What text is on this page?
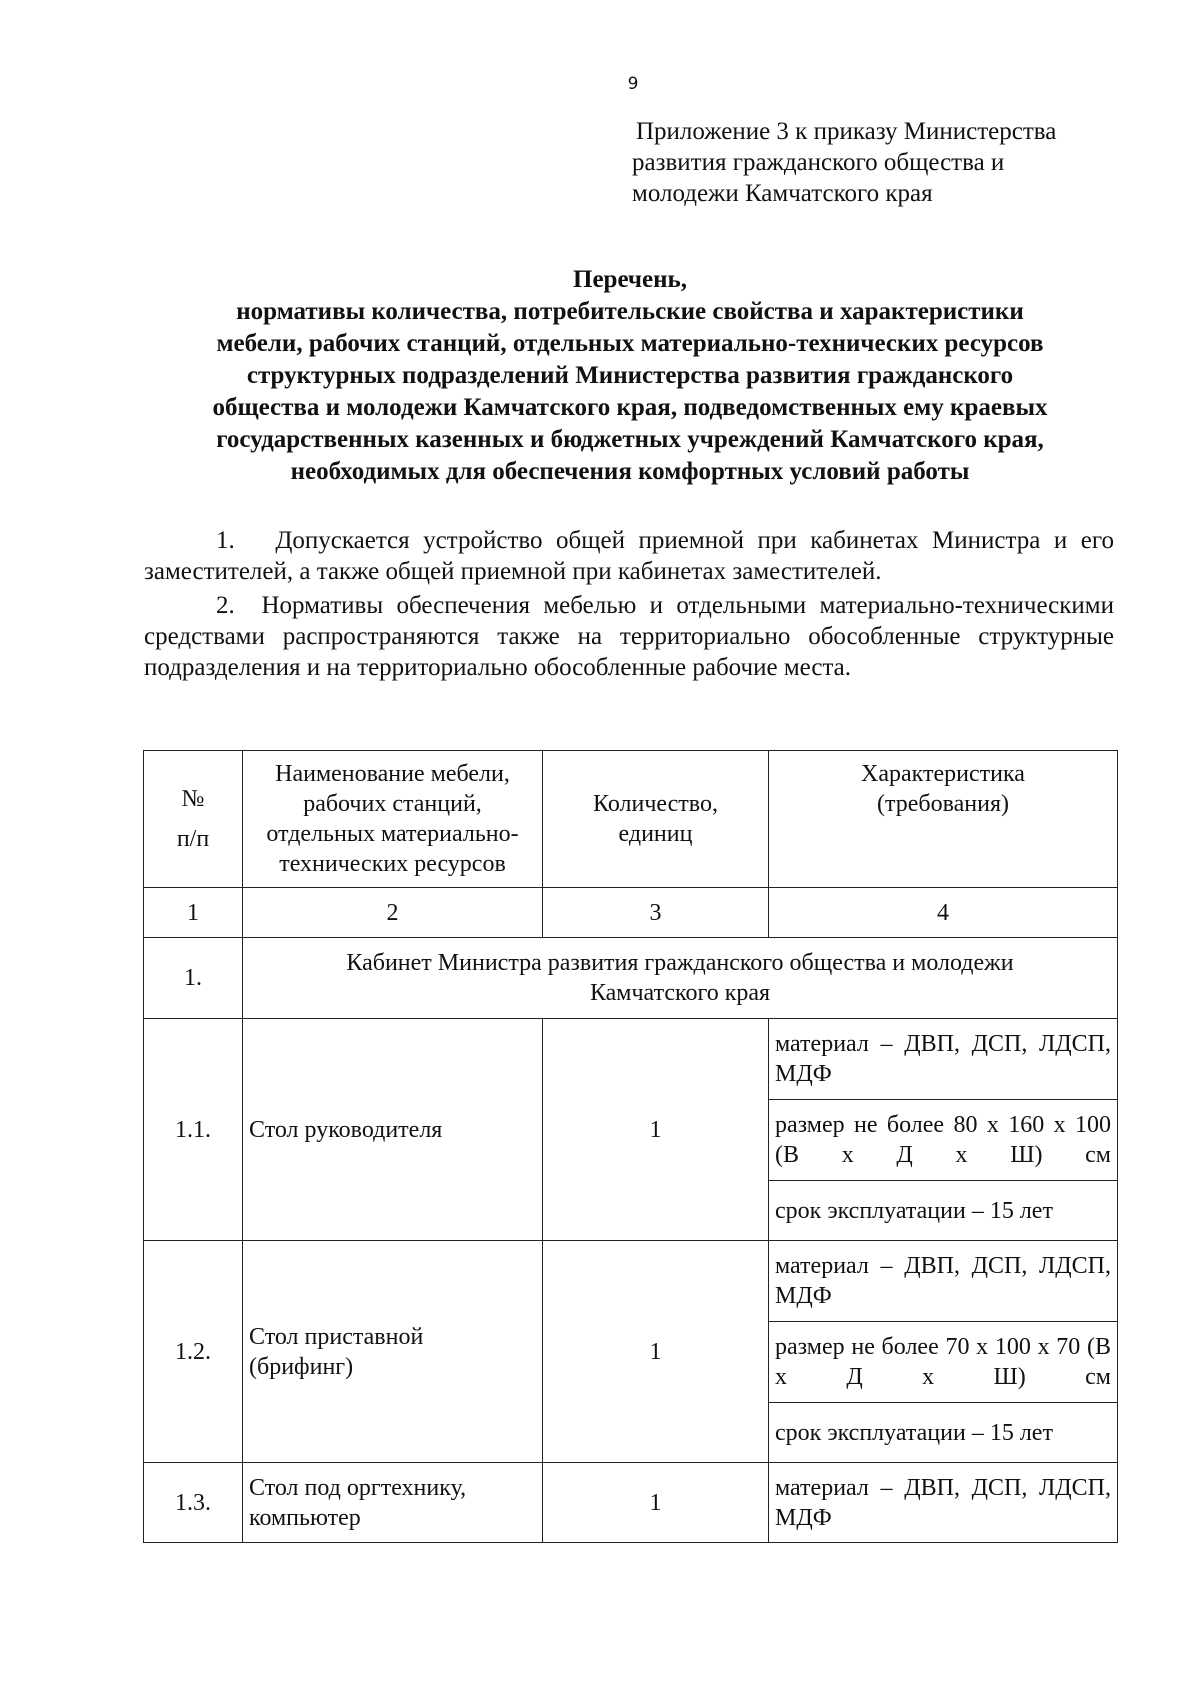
9
Приложение 3 к приказу Министерства
развития гражданского общества и
молодежи Камчатского края
Перечень,
нормативы количества, потребительские свойства и характеристики
мебели, рабочих станций, отдельных материально-технических ресурсов
структурных подразделений Министерства развития гражданского
общества и молодежи Камчатского края, подведомственных ему краевых
государственных казенных и бюджетных учреждений Камчатского края,
необходимых для обеспечения комфортных условий работы
1. Допускается устройство общей приемной при кабинетах Министра и его заместителей, а также общей приемной при кабинетах заместителей.
2. Нормативы обеспечения мебелью и отдельными материально-техническими средствами распространяются также на территориально обособленные структурные подразделения и на территориально обособленные рабочие места.
№
п/п	Наименование мебели, рабочих станций, отдельных материально-технических ресурсов	Количество, единиц	Характеристика (требования)
1	2	3	4
1.	Кабинет Министра развития гражданского общества и молодежи Камчатского края		
1.1.	Стол руководителя	1	материал – ДВП, ДСП, ЛДСП, МДФ
			размер не более 80 х 160 х 100 (В х Д х Ш) см
			срок эксплуатации – 15 лет
1.2.	Стол приставной (брифинг)	1	материал – ДВП, ДСП, ЛДСП, МДФ
			размер не более 70 х 100 х 70 (В х Д х Ш) см
			срок эксплуатации – 15 лет
1.3.	Стол под оргтехнику, компьютер	1	материал – ДВП, ДСП, ЛДСП, МДФ
